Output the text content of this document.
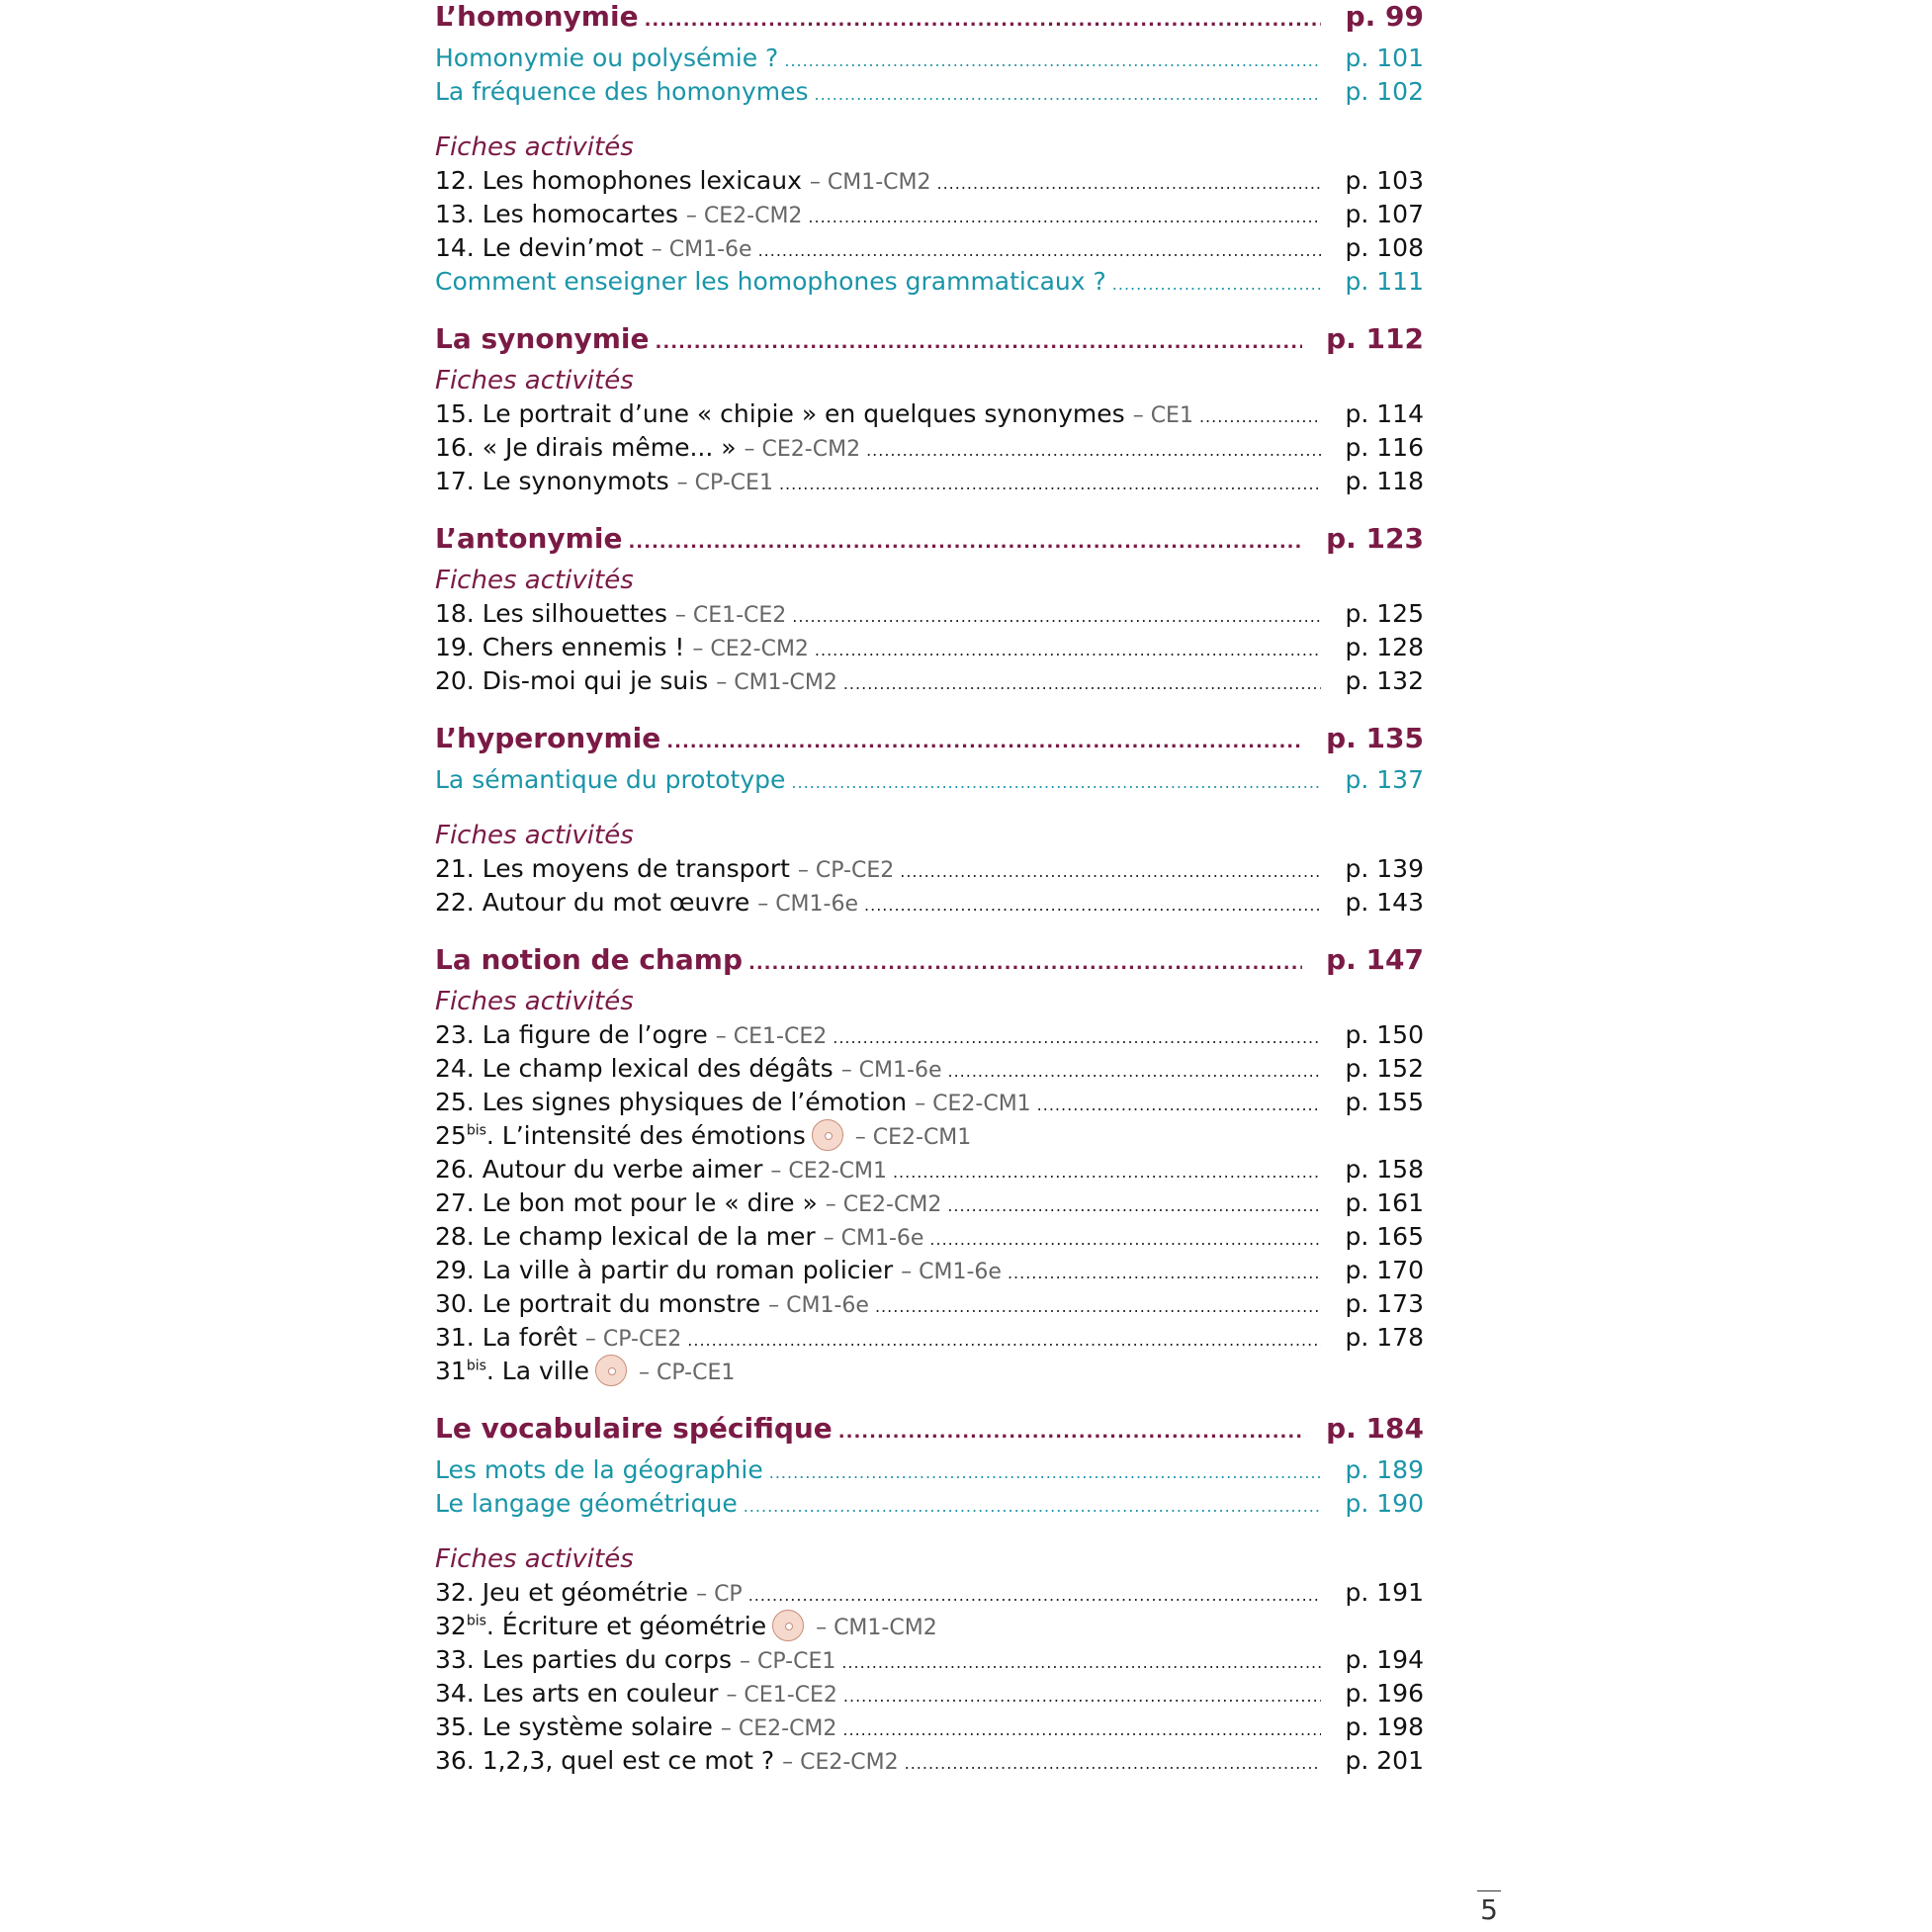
L’homonymie .....	p. 99
Homonymie ou polysémie ? .....	p. 101
La fréquence des homonymes .....	p. 102
Fiches activités
12. Les homophones lexicaux – CM1-CM2 .....	p. 103
13. Les homocartes – CE2-CM2 .....	p. 107
14. Le devin’mot – CM1-6e .....	p. 108
Comment enseigner les homophones grammaticaux ? .....	p. 111
La synonymie .....	p. 112
Fiches activités
15. Le portrait d’une « chipie » en quelques synonymes – CE1 .....	p. 114
16. « Je dirais même... » – CE2-CM2 .....	p. 116
17. Le synonymots – CP-CE1 .....	p. 118
L’antonymie .....	p. 123
Fiches activités
18. Les silhouettes – CE1-CE2 .....	p. 125
19. Chers ennemis ! – CE2-CM2 .....	p. 128
20. Dis-moi qui je suis – CM1-CM2 .....	p. 132
L’hyperonymie .....	p. 135
La sémantique du prototype .....	p. 137
Fiches activités
21. Les moyens de transport – CP-CE2 .....	p. 139
22. Autour du mot œuvre – CM1-6e .....	p. 143
La notion de champ .....	p. 147
Fiches activités
23. La figure de l’ogre – CE1-CE2 .....	p. 150
24. Le champ lexical des dégâts – CM1-6e .....	p. 152
25. Les signes physiques de l’émotion – CE2-CM1 .....	p. 155
$25^{bis}$. L’intensité des émotions – CE2-CM1
26. Autour du verbe aimer – CE2-CM1 .....	p. 158
27. Le bon mot pour le « dire » – CE2-CM2 .....	p. 161
28. Le champ lexical de la mer – CM1-6e .....	p. 165
29. La ville à partir du roman policier – CM1-6e .....	p. 170
30. Le portrait du monstre – CM1-6e .....	p. 173
31. La forêt – CP-CE2 .....	p. 178
$31^{bis}$. La ville – CP-CE1
Le vocabulaire spécifique .....	p. 184
Les mots de la géographie .....	p. 189
Le langage géométrique .....	p. 190
Fiches activités
32. Jeu et géométrie – CP .....	p. 191
$32^{bis}$. Écriture et géométrie – CM1-CM2
33. Les parties du corps – CP-CE1 .....	p. 194
34. Les arts en couleur – CE1-CE2 .....	p. 196
35. Le système solaire – CE2-CM2 .....	p. 198
36. 1,2,3, quel est ce mot ? – CE2-CM2 .....	p. 201
5
